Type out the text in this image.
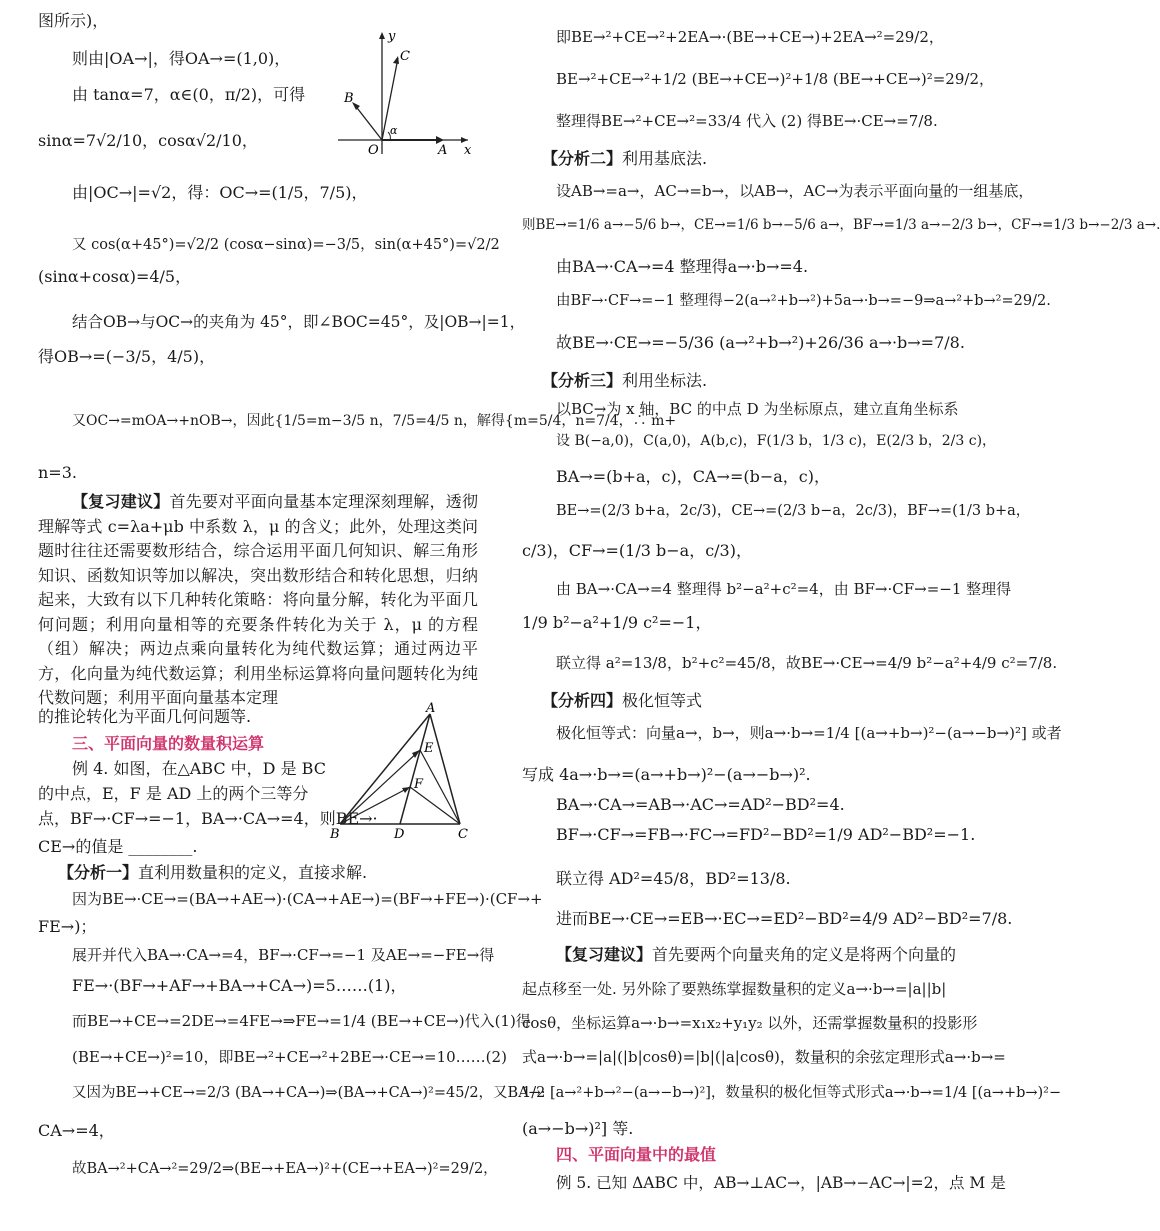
图所示)，
则由|OA→|，得OA→=(1,0)，
由 tanα=7，α∈(0，π/2)，可得
sinα=7√2/10，cosα√2/10，
由|OC→|=√2，得：OC→=(1/5，7/5)，
又 cos(α+45°)=√2/2 (cosα−sinα)=−3/5，sin(α+45°)=√2/2
(sinα+cosα)=4/5，
结合OB→与OC→的夹角为 45°，即∠BOC=45°，及|OB→|=1，
得OB→=(−3/5，4/5)，
又OC→=mOA→+nOB→，因此{1/5=m−3/5 n，7/5=4/5 n，解得{m=5/4，n=7/4，∴ m+
n=3.
【复习建议】首先要对平面向量基本定理深刻理解，透彻理解等式 c=λa+μb 中系数 λ，μ 的含义；此外，处理这类问题时往往还需要数形结合，综合运用平面几何知识、解三角形知识、函数知识等加以解决，突出数形结合和转化思想，归纳起来，大致有以下几种转化策略：将向量分解，转化为平面几何问题；利用向量相等的充要条件转化为关于 λ，μ 的方程（组）解决；两边点乘向量转化为纯代数运算；通过两边平方，化向量为纯代数运算；利用坐标运算将向量问题转化为纯代数问题；利用平面向量基本定理
的推论转化为平面几何问题等.
三、平面向量的数量积运算
例 4. 如图，在△ABC 中，D 是 BC
的中点，E，F 是 AD 上的两个三等分
点，BF→·CF→=−1，BA→·CA→=4，则BE→·
CE→的值是 ________.
【分析一】直利用数量积的定义，直接求解.
因为BE→·CE→=(BA→+AE→)·(CA→+AE→)=(BF→+FE→)·(CF→+
FE→)；
展开并代入BA→·CA→=4，BF→·CF→=−1 及AE→=−FE→得
FE→·(BF→+AF→+BA→+CA→)=5……(1)，
而BE→+CE→=2DE→=4FE→⇒FE→=1/4 (BE→+CE→)代入(1)得
(BE→+CE→)²=10，即BE→²+CE→²+2BE→·CE→=10……(2)
又因为BE→+CE→=2/3 (BA→+CA→)⇒(BA→+CA→)²=45/2，又BA→·
CA→=4，
故BA→²+CA→²=29/2⇒(BE→+EA→)²+(CE→+EA→)²=29/2，
y
C
B
α
O	A x
A
E
F
B	D	C
即BE→²+CE→²+2EA→·(BE→+CE→)+2EA→²=29/2，
BE→²+CE→²+1/2 (BE→+CE→)²+1/8 (BE→+CE→)²=29/2，
整理得BE→²+CE→²=33/4 代入 (2) 得BE→·CE→=7/8.
【分析二】利用基底法.
设AB→=a→，AC→=b→，以AB→，AC→为表示平面向量的一组基底，
则BE→=1/6 a→−5/6 b→，CE→=1/6 b→−5/6 a→，BF→=1/3 a→−2/3 b→，CF→=1/3 b→−2/3 a→.
由BA→·CA→=4 整理得a→·b→=4.
由BF→·CF→=−1 整理得−2(a→²+b→²)+5a→·b→=−9⇒a→²+b→²=29/2.
故BE→·CE→=−5/36 (a→²+b→²)+26/36 a→·b→=7/8.
【分析三】利用坐标法.
以BC→为 x 轴，BC 的中点 D 为坐标原点，建立直角坐标系
设 B(−a,0)，C(a,0)，A(b,c)，F(1/3 b，1/3 c)，E(2/3 b，2/3 c)，
BA→=(b+a，c)，CA→=(b−a，c)，
BE→=(2/3 b+a，2c/3)，CE→=(2/3 b−a，2c/3)，BF→=(1/3 b+a，
c/3)，CF→=(1/3 b−a，c/3)，
由 BA→·CA→=4 整理得 b²−a²+c²=4，由 BF→·CF→=−1 整理得
1/9 b²−a²+1/9 c²=−1，
联立得 a²=13/8，b²+c²=45/8，故BE→·CE→=4/9 b²−a²+4/9 c²=7/8.
【分析四】极化恒等式
极化恒等式：向量a→，b→，则a→·b→=1/4 [(a→+b→)²−(a→−b→)²] 或者
写成 4a→·b→=(a→+b→)²−(a→−b→)².
BA→·CA→=AB→·AC→=AD²−BD²=4.
BF→·CF→=FB→·FC→=FD²−BD²=1/9 AD²−BD²=−1.
联立得 AD²=45/8，BD²=13/8.
进而BE→·CE→=EB→·EC→=ED²−BD²=4/9 AD²−BD²=7/8.
【复习建议】首先要两个向量夹角的定义是将两个向量的
起点移至一处. 另外除了要熟练掌握数量积的定义a→·b→=|a||b|
cosθ，坐标运算a→·b→=x₁x₂+y₁y₂ 以外，还需掌握数量积的投影形
式a→·b→=|a|(|b|cosθ)=|b|(|a|cosθ)，数量积的余弦定理形式a→·b→=
1/2 [a→²+b→²−(a→−b→)²]，数量积的极化恒等式形式a→·b→=1/4 [(a→+b→)²−
(a→−b→)²] 等.
四、平面向量中的最值
例 5. 已知 ΔABC 中，AB→⊥AC→，|AB→−AC→|=2，点 M 是
